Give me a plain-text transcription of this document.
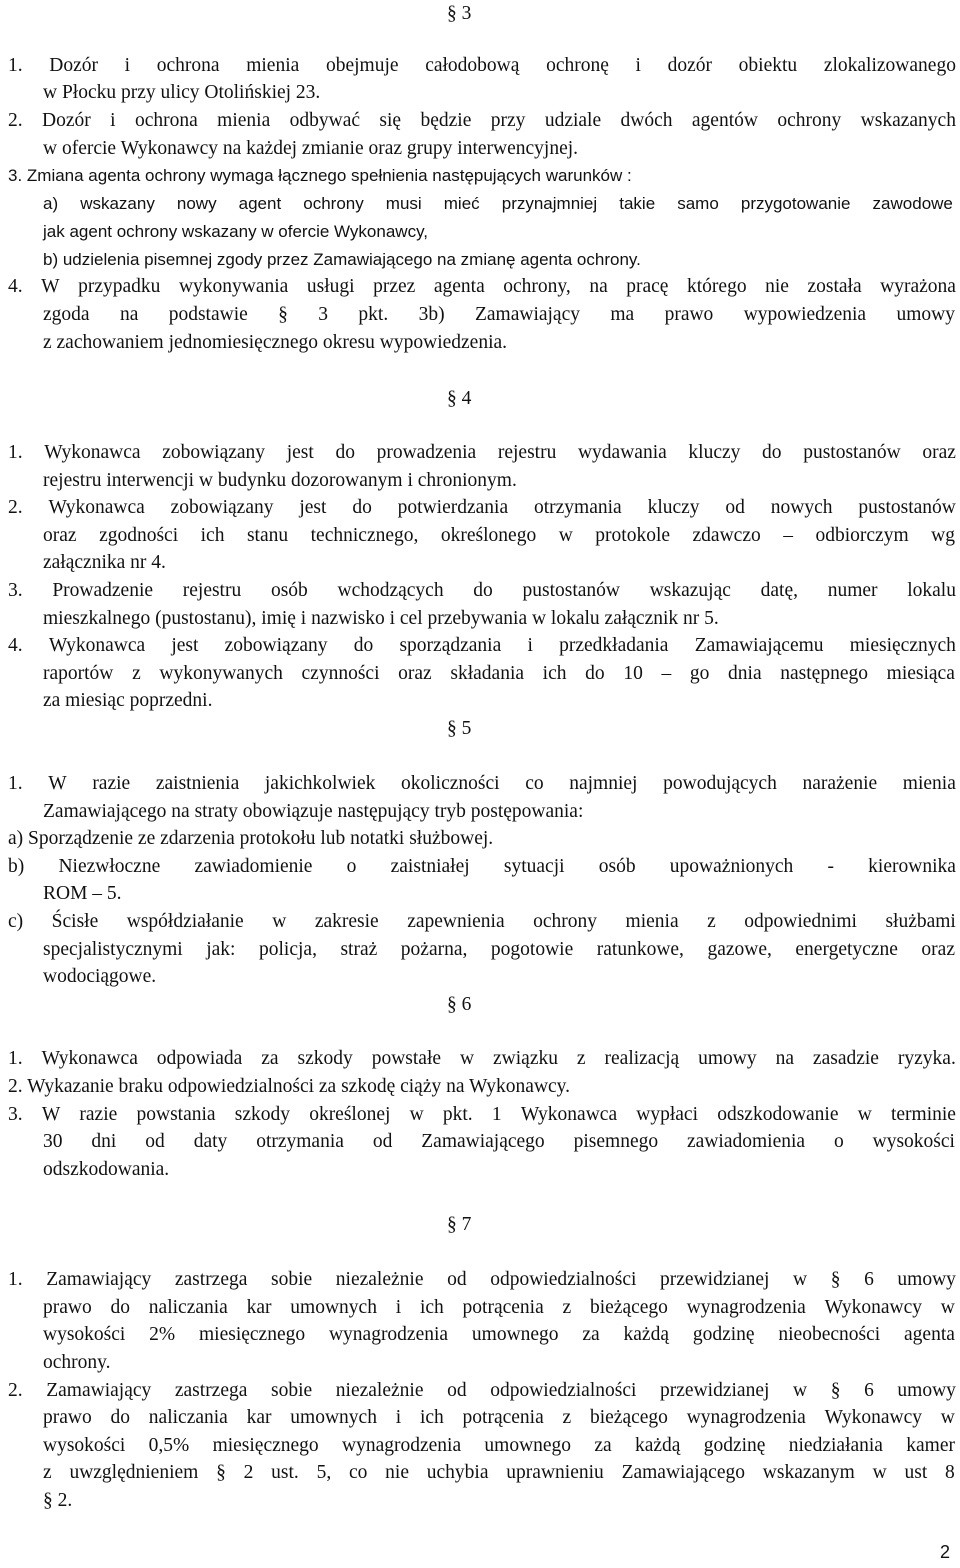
§ 3
1. Dozór i ochrona mienia obejmuje całodobową ochronę i dozór obiektu zlokalizowanego
w Płocku przy ulicy Otolińskiej 23.
2. Dozór i ochrona mienia odbywać się będzie przy udziale dwóch agentów ochrony wskazanych
w ofercie Wykonawcy na każdej zmianie oraz grupy interwencyjnej.
3. Zmiana agenta ochrony wymaga łącznego spełnienia następujących warunków :
a) wskazany nowy agent ochrony musi mieć przynajmniej takie samo przygotowanie zawodowe
jak agent ochrony wskazany w ofercie Wykonawcy,
b) udzielenia pisemnej zgody przez Zamawiającego na zmianę agenta ochrony.
4. W przypadku wykonywania usługi przez agenta ochrony, na pracę którego nie została wyrażona
zgoda na podstawie § 3 pkt. 3b) Zamawiający ma prawo wypowiedzenia umowy
z zachowaniem jednomiesięcznego okresu wypowiedzenia.
§ 4
1. Wykonawca zobowiązany jest do prowadzenia rejestru wydawania kluczy do pustostanów oraz
rejestru interwencji w budynku dozorowanym i chronionym.
2. Wykonawca zobowiązany jest do potwierdzania otrzymania kluczy od nowych pustostanów
oraz zgodności ich stanu technicznego, określonego w protokole zdawczo – odbiorczym wg
załącznika nr 4.
3. Prowadzenie rejestru osób wchodzących do pustostanów wskazując datę, numer lokalu
mieszkalnego (pustostanu), imię i nazwisko i cel przebywania w lokalu załącznik nr 5.
4. Wykonawca jest zobowiązany do sporządzania i przedkładania Zamawiającemu miesięcznych
raportów z wykonywanych czynności oraz składania ich do 10 – go dnia następnego miesiąca
za miesiąc poprzedni.
§ 5
1. W razie zaistnienia jakichkolwiek okoliczności co najmniej powodujących narażenie mienia
Zamawiającego na straty obowiązuje następujący tryb postępowania:
a) Sporządzenie ze zdarzenia protokołu lub notatki służbowej.
b) Niezwłoczne zawiadomienie o zaistniałej sytuacji osób upoważnionych - kierownika
ROM – 5.
c) Ścisłe współdziałanie w zakresie zapewnienia ochrony mienia z odpowiednimi służbami
specjalistycznymi jak: policja, straż pożarna, pogotowie ratunkowe, gazowe, energetyczne oraz
wodociągowe.
§ 6
1. Wykonawca odpowiada za szkody powstałe w związku z realizacją umowy na zasadzie ryzyka.
2. Wykazanie braku odpowiedzialności za szkodę ciąży na Wykonawcy.
3. W razie powstania szkody określonej w pkt. 1 Wykonawca wypłaci odszkodowanie w terminie
30 dni od daty otrzymania od Zamawiającego pisemnego zawiadomienia o wysokości
odszkodowania.
§ 7
1. Zamawiający zastrzega sobie niezależnie od odpowiedzialności przewidzianej w § 6 umowy
prawo do naliczania kar umownych i ich potrącenia z bieżącego wynagrodzenia Wykonawcy w
wysokości 2% miesięcznego wynagrodzenia umownego za każdą godzinę nieobecności agenta
ochrony.
2. Zamawiający zastrzega sobie niezależnie od odpowiedzialności przewidzianej w § 6 umowy
prawo do naliczania kar umownych i ich potrącenia z bieżącego wynagrodzenia Wykonawcy w
wysokości 0,5% miesięcznego wynagrodzenia umownego za każdą godzinę niedziałania kamer
z uwzględnieniem § 2 ust. 5, co nie uchybia uprawnieniu Zamawiającego wskazanym w ust 8
§ 2.
2
